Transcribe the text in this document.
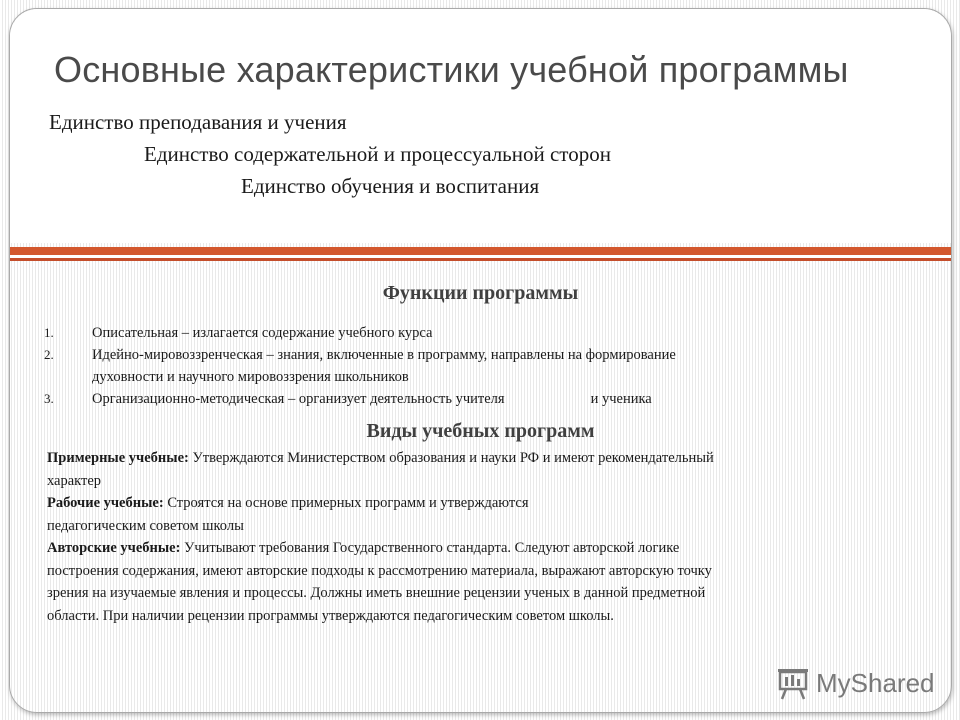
Основные характеристики учебной программы
Единство преподавания и учения
Единство содержательной и процессуальной сторон
Единство обучения и воспитания
Функции программы
1.	Описательная – излагается содержание учебного курса
2.	Идейно-мировоззренческая – знания, включенные в программу, направлены на формирование
духовности и научного мировоззрения школьников
3.	Организационно-методическая – организует деятельность учителя	и ученика
Виды учебных программ

Примерные учебные: Утверждаются Министерством образования и науки РФ и имеют рекомендательный
характер

Рабочие учебные: Строятся на основе примерных программ и утверждаются
педагогическим советом школы

Авторские учебные: Учитывают требования Государственного стандарта. Следуют авторской логике
построения содержания, имеют авторские подходы к рассмотрению материала, выражают авторскую точку
зрения на изучаемые явления и процессы. Должны иметь внешние рецензии ученых в данной предметной
области. При наличии рецензии программы утверждаются педагогическим советом школы.

MyShared
